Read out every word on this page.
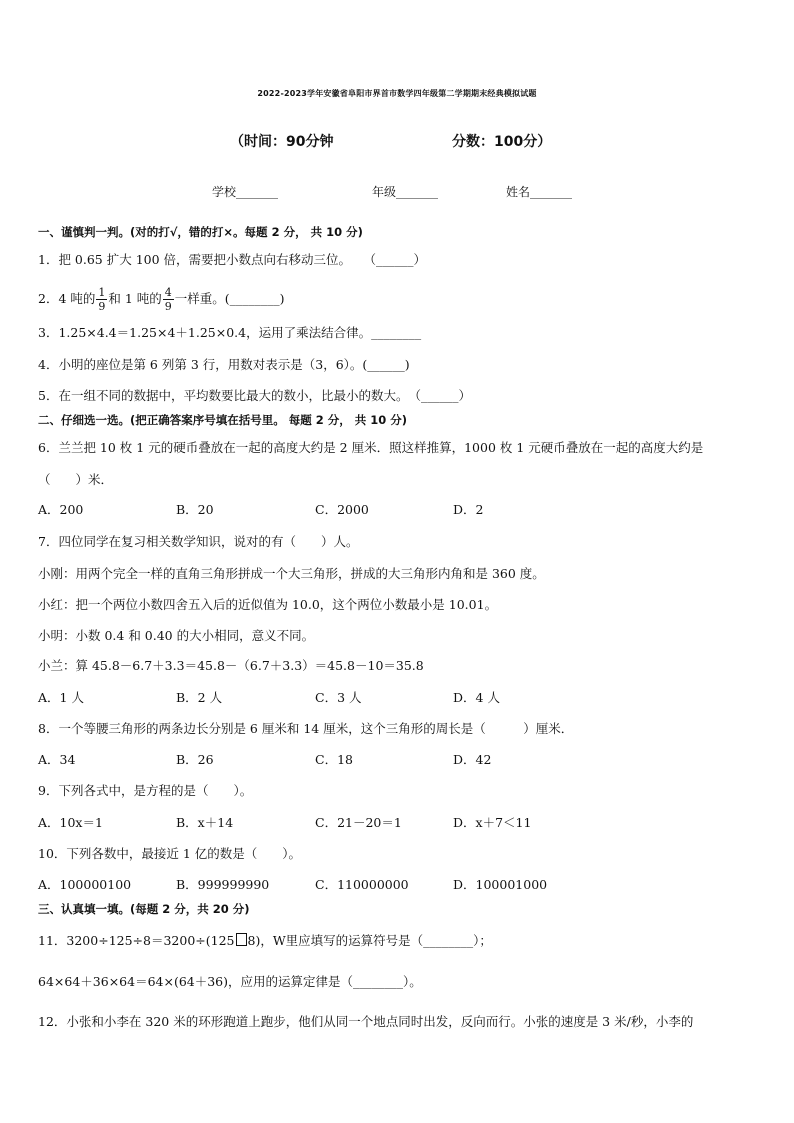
2022-2023学年安徽省阜阳市界首市数学四年级第二学期期末经典模拟试题
（时间：90分钟	分数：100分）
学校_______	年级_______	姓名_______
一、谨慎判一判。(对的打√，错的打×。每题 2 分， 共 10 分)
1．把 0.65 扩大 100 倍，需要把小数点向右移动三位。　　（______）
2．4 吨的 $\frac{1}{9}$ 和 1 吨的 $\frac{4}{9}$ 一样重。(________)
3．1.25×4.4＝1.25×4＋1.25×0.4，运用了乘法结合律。________
4．小明的座位是第 6 列第 3 行，用数对表示是（3，6）。(______)
5．在一组不同的数据中，平均数要比最大的数小，比最小的数大。　（______）
二、仔细选一选。(把正确答案序号填在括号里。 每题 2 分， 共 10 分)
6．兰兰把 10 枚 1 元的硬币叠放在一起的高度大约是 2 厘米．照这样推算，1000 枚 1 元硬币叠放在一起的高度大约是
（　　）米．
A．200	B．20	C．2000	D．2
7．四位同学在复习相关数学知识，说对的有（　　）人。
小刚：用两个完全一样的直角三角形拼成一个大三角形，拼成的大三角形内角和是 360 度。
小红：把一个两位小数四舍五入后的近似值为 10.0，这个两位小数最小是 10.01。
小明：小数 0.4 和 0.40 的大小相同，意义不同。
小兰：算 45.8－6.7＋3.3＝45.8－（6.7＋3.3）＝45.8－10＝35.8
A．1 人	B．2 人	C．3 人	D．4 人
8．一个等腰三角形的两条边长分别是 6 厘米和 14 厘米，这个三角形的周长是（　　　）厘米．
A．34	B．26	C．18	D．42
9．下列各式中，是方程的是（　　）。
A．10x＝1	B．x＋14	C．21－20＝1	D．x＋7＜11
10．下列各数中，最接近 1 亿的数是（　　）。
A．100000100	B．999999990	C．110000000	D．100001000
三、认真填一填。(每题 2 分，共 20 分)
11．3200÷125÷8＝3200÷(125 8)，W里应填写的运算符号是（________）；
64×64＋36×64＝64×(64＋36)，应用的运算定律是（________）。
12．小张和小李在 320 米的环形跑道上跑步，他们从同一个地点同时出发，反向而行。小张的速度是 3 米/秒，小李的
